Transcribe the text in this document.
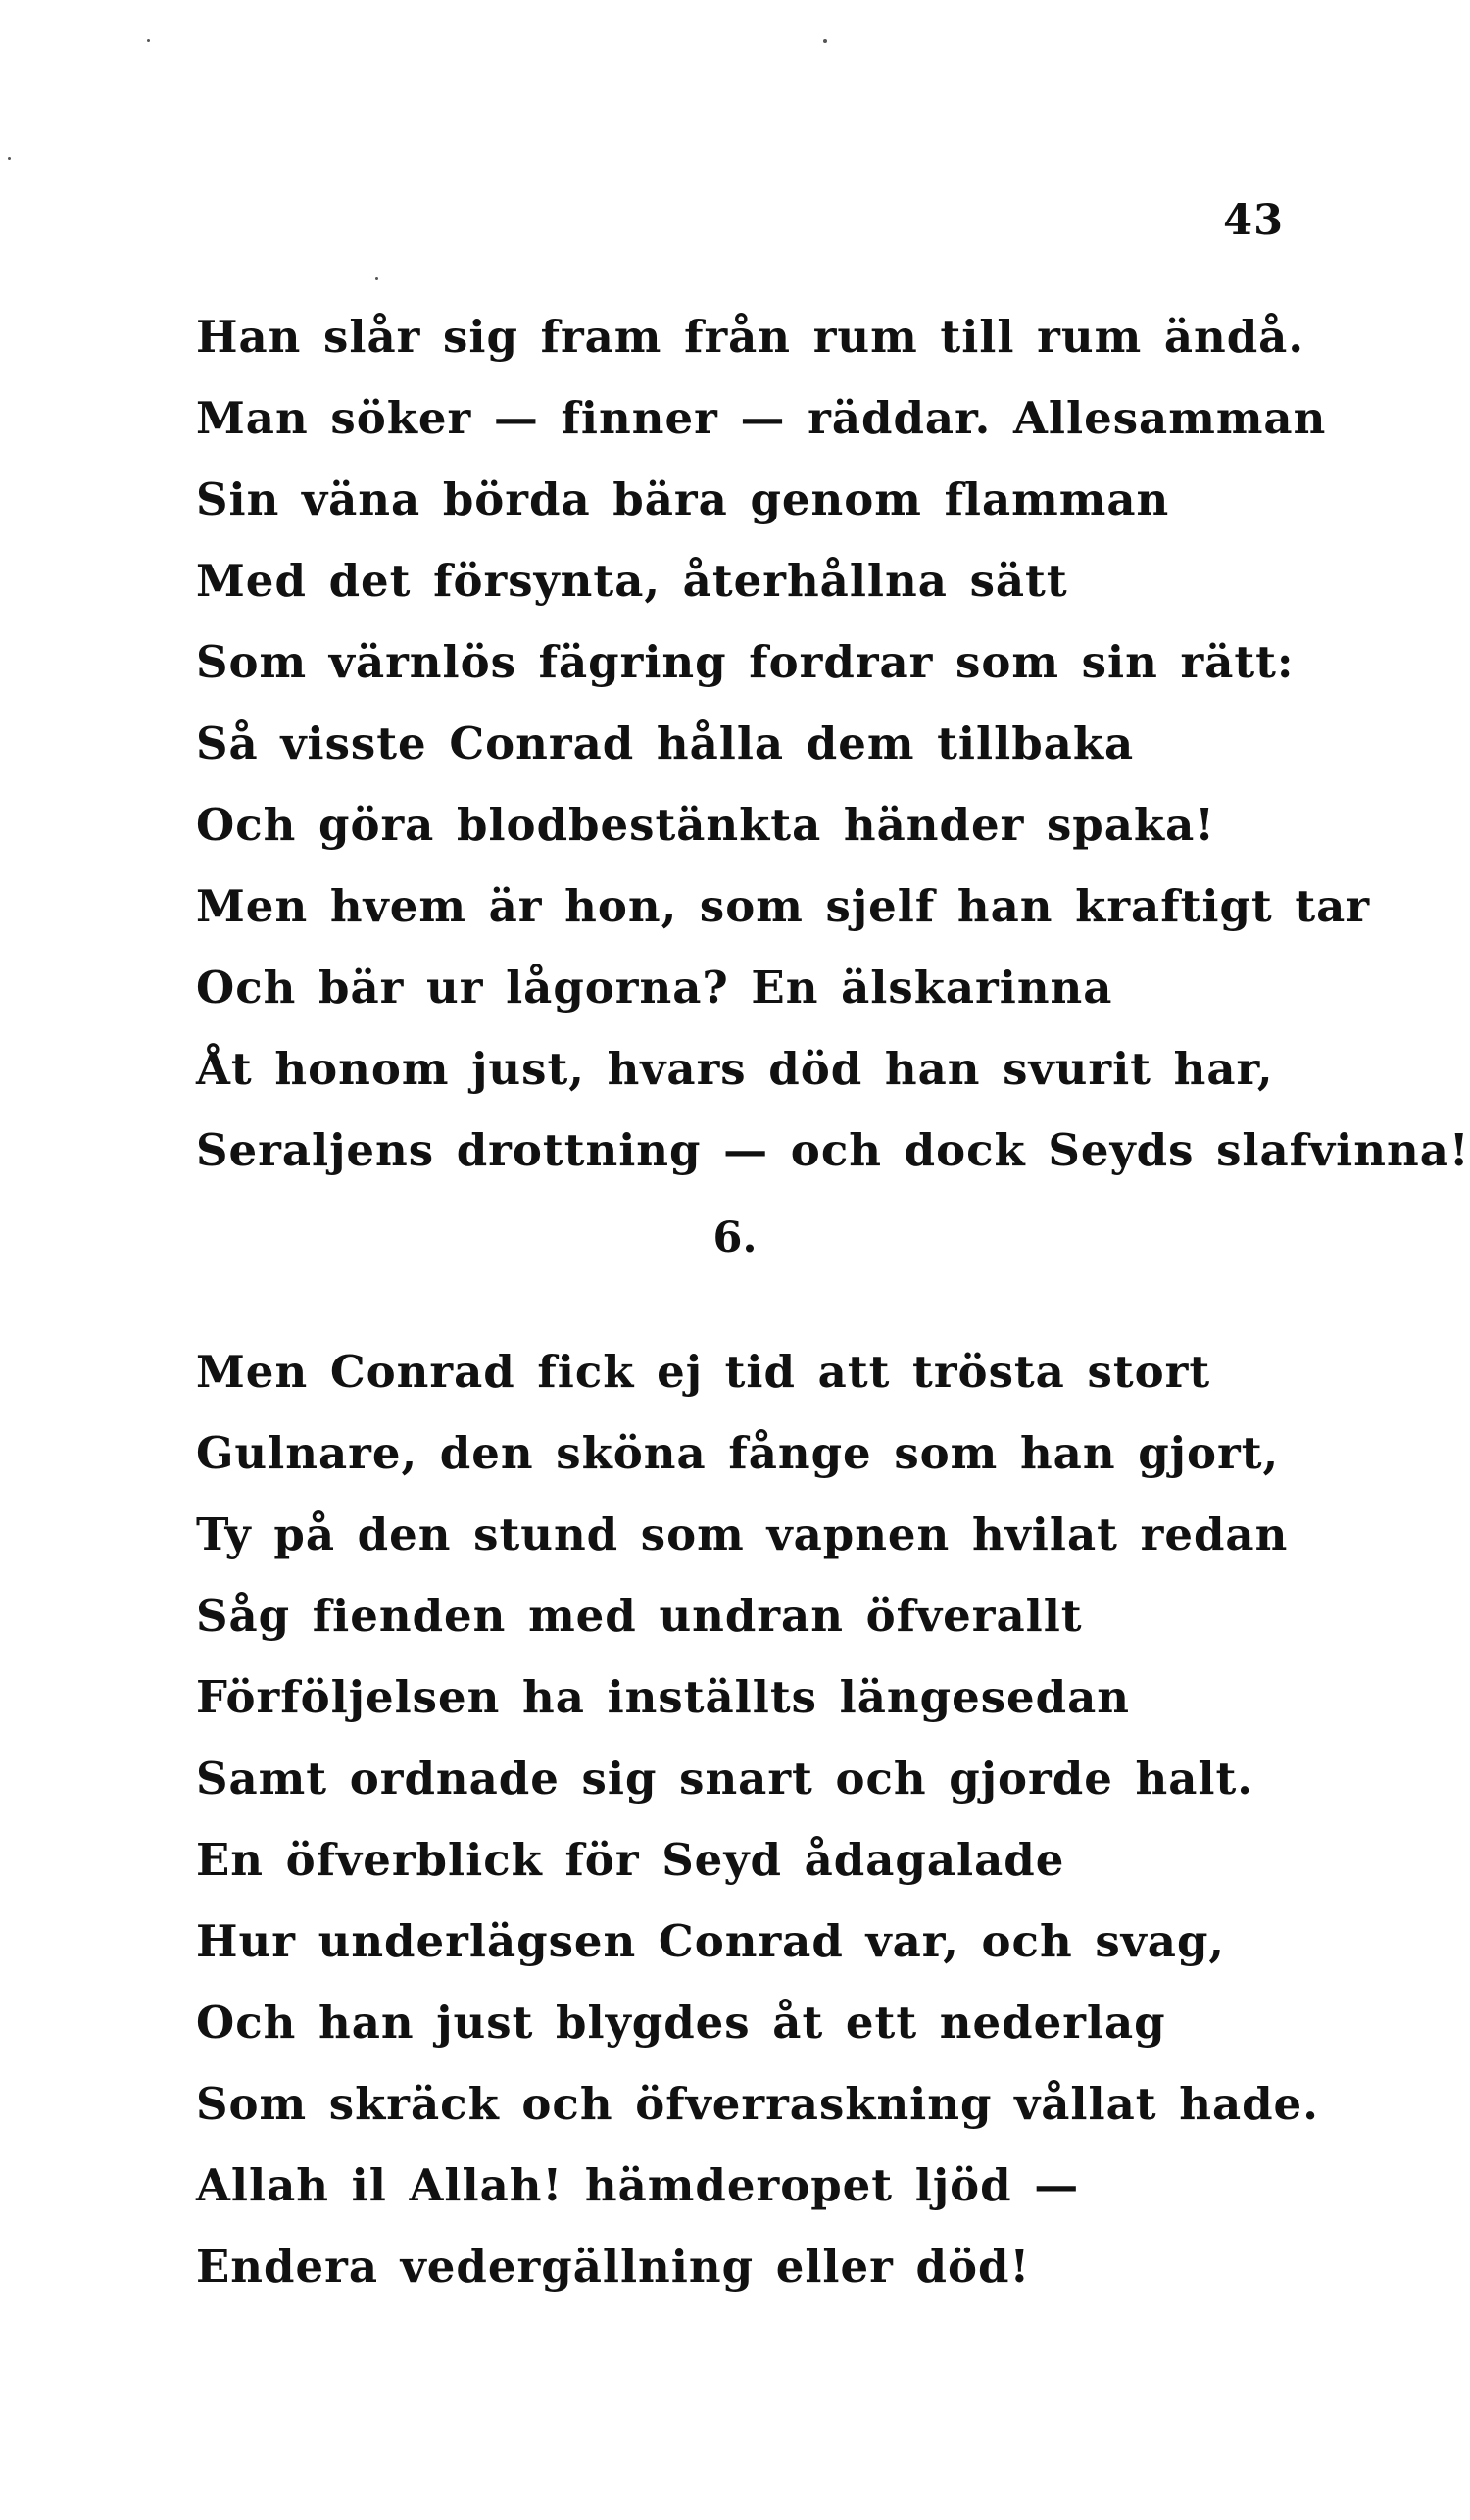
43
Han slår sig fram från rum till rum ändå.
Man söker — finner — räddar. Allesamman
Sin väna börda bära genom flamman
Med det försynta, återhållna sätt
Som värnlös fägring fordrar som sin rätt:
Så visste Conrad hålla dem tillbaka
Och göra blodbestänkta händer spaka!
Men hvem är hon, som sjelf han kraftigt tar
Och bär ur lågorna? En älskarinna
Åt honom just, hvars död han svurit har,
Seraljens drottning — och dock Seyds slafvinna!
6.
Men Conrad fick ej tid att trösta stort
Gulnare, den sköna fånge som han gjort,
Ty på den stund som vapnen hvilat redan
Såg fienden med undran öfverallt
Förföljelsen ha inställts längesedan
Samt ordnade sig snart och gjorde halt.
En öfverblick för Seyd ådagalade
Hur underlägsen Conrad var, och svag,
Och han just blygdes åt ett nederlag
Som skräck och öfverraskning vållat hade.
Allah il Allah! hämderopet ljöd —
Endera vedergällning eller död!
